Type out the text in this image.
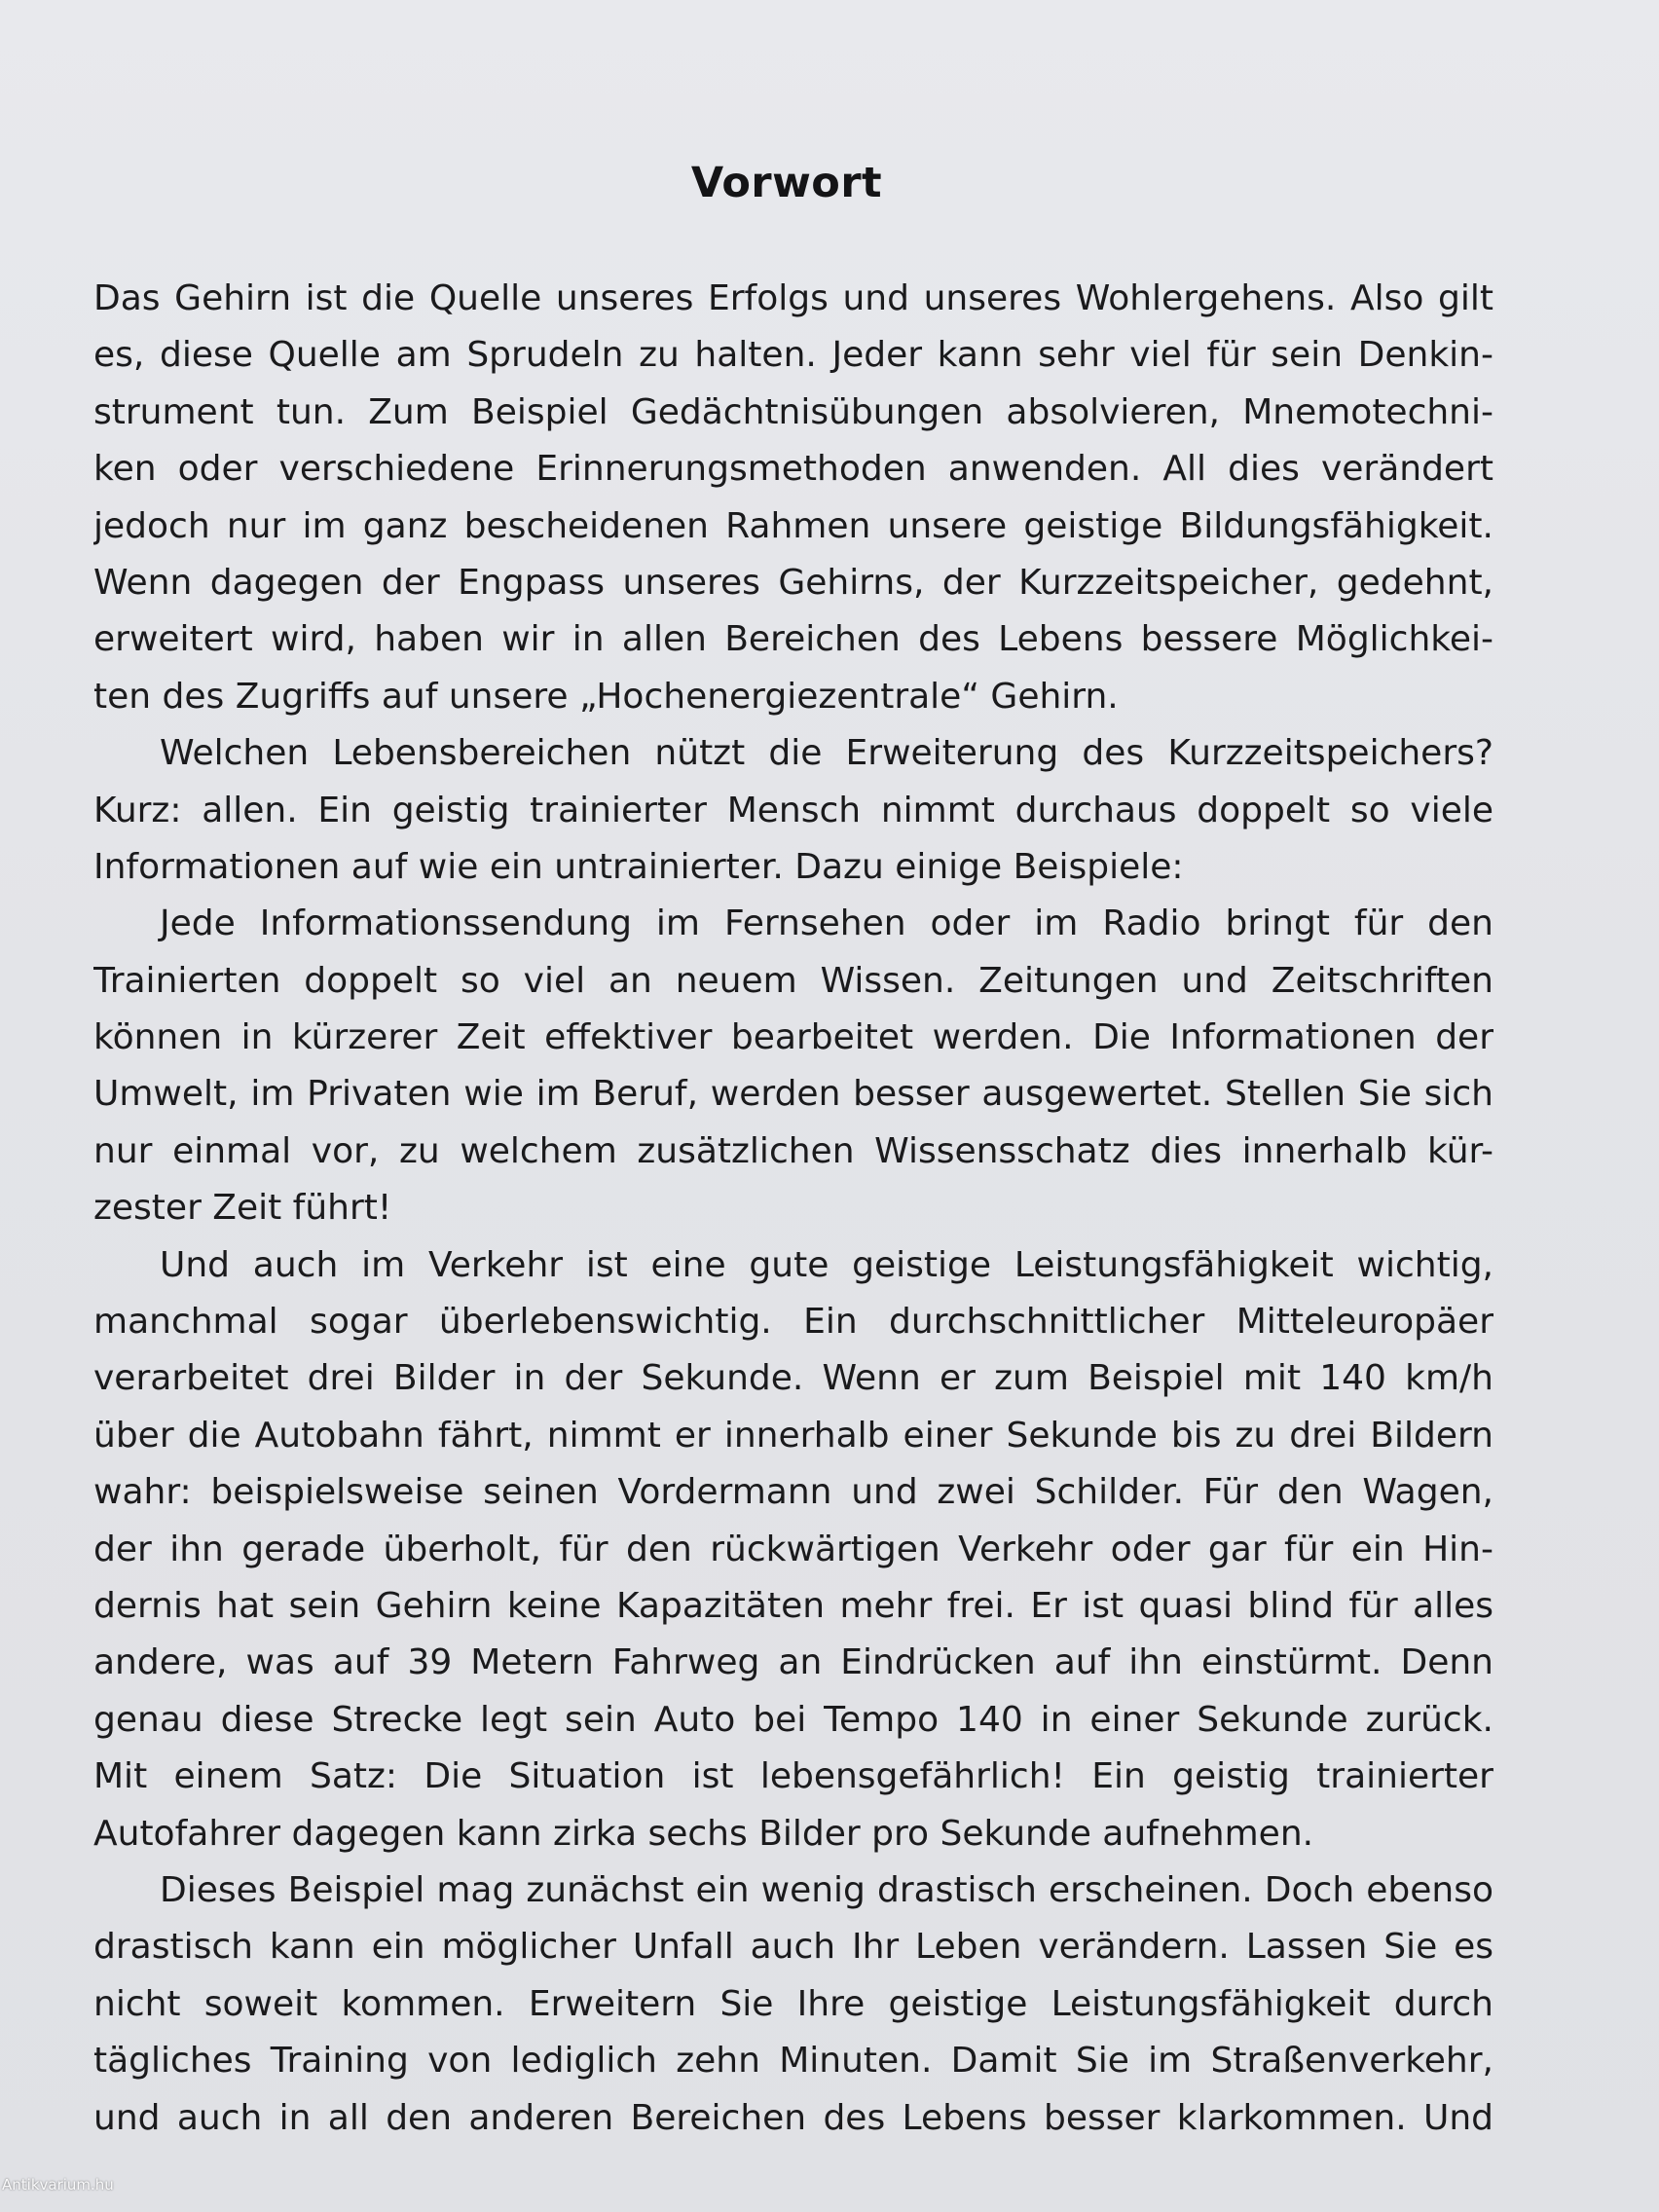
Vorwort
Das Gehirn ist die Quelle unseres Erfolgs und unseres Wohlergehens. Also gilt
es, diese Quelle am Sprudeln zu halten. Jeder kann sehr viel für sein Denkin-
strument tun. Zum Beispiel Gedächtnisübungen absolvieren, Mnemotechni-
ken oder verschiedene Erinnerungsmethoden anwenden. All dies verändert
jedoch nur im ganz bescheidenen Rahmen unsere geistige Bildungsfähigkeit.
Wenn dagegen der Engpass unseres Gehirns, der Kurzzeitspeicher, gedehnt,
erweitert wird, haben wir in allen Bereichen des Lebens bessere Möglichkei-
ten des Zugriffs auf unsere „Hochenergiezentrale“ Gehirn.
Welchen Lebensbereichen nützt die Erweiterung des Kurzzeitspeichers?
Kurz: allen. Ein geistig trainierter Mensch nimmt durchaus doppelt so viele
Informationen auf wie ein untrainierter. Dazu einige Beispiele:
Jede Informationssendung im Fernsehen oder im Radio bringt für den
Trainierten doppelt so viel an neuem Wissen. Zeitungen und Zeitschriften
können in kürzerer Zeit effektiver bearbeitet werden. Die Informationen der
Umwelt, im Privaten wie im Beruf, werden besser ausgewertet. Stellen Sie sich
nur einmal vor, zu welchem zusätzlichen Wissensschatz dies innerhalb kür-
zester Zeit führt!
Und auch im Verkehr ist eine gute geistige Leistungsfähigkeit wichtig,
manchmal sogar überlebenswichtig. Ein durchschnittlicher Mitteleuropäer
verarbeitet drei Bilder in der Sekunde. Wenn er zum Beispiel mit 140 km/h
über die Autobahn fährt, nimmt er innerhalb einer Sekunde bis zu drei Bildern
wahr: beispielsweise seinen Vordermann und zwei Schilder. Für den Wagen,
der ihn gerade überholt, für den rückwärtigen Verkehr oder gar für ein Hin-
dernis hat sein Gehirn keine Kapazitäten mehr frei. Er ist quasi blind für alles
andere, was auf 39 Metern Fahrweg an Eindrücken auf ihn einstürmt. Denn
genau diese Strecke legt sein Auto bei Tempo 140 in einer Sekunde zurück.
Mit einem Satz: Die Situation ist lebensgefährlich! Ein geistig trainierter
Autofahrer dagegen kann zirka sechs Bilder pro Sekunde aufnehmen.
Dieses Beispiel mag zunächst ein wenig drastisch erscheinen. Doch ebenso
drastisch kann ein möglicher Unfall auch Ihr Leben verändern. Lassen Sie es
nicht soweit kommen. Erweitern Sie Ihre geistige Leistungsfähigkeit durch
tägliches Training von lediglich zehn Minuten. Damit Sie im Straßenverkehr,
und auch in all den anderen Bereichen des Lebens besser klarkommen. Und
Antikvarium.hu
